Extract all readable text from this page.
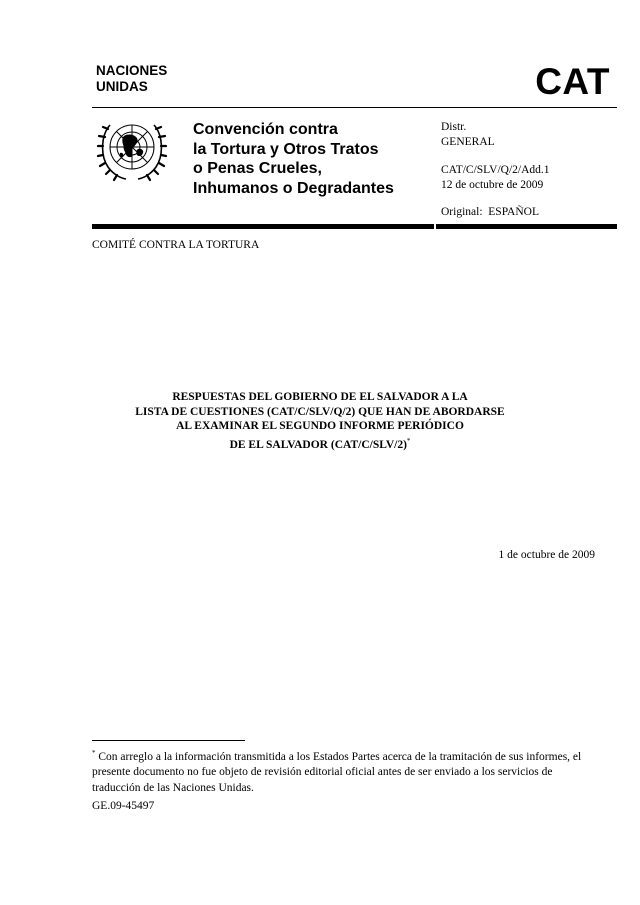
NACIONES
UNIDAS	CAT
Convención contra
la Tortura y Otros Tratos
o Penas Crueles,
Inhumanos o Degradantes
Distr.
GENERAL
CAT/C/SLV/Q/2/Add.1
12 de octubre de 2009
Original: ESPAÑOL
COMITÉ CONTRA LA TORTURA
RESPUESTAS DEL GOBIERNO DE EL SALVADOR A LA
LISTA DE CUESTIONES (CAT/C/SLV/Q/2) QUE HAN DE ABORDARSE
AL EXAMINAR EL SEGUNDO INFORME PERIÓDICO
DE EL SALVADOR (CAT/C/SLV/2)*
1 de octubre de 2009
* Con arreglo a la información transmitida a los Estados Partes acerca de la tramitación de sus informes, el presente documento no fue objeto de revisión editorial oficial antes de ser enviado a los servicios de traducción de las Naciones Unidas.
GE.09-45497
